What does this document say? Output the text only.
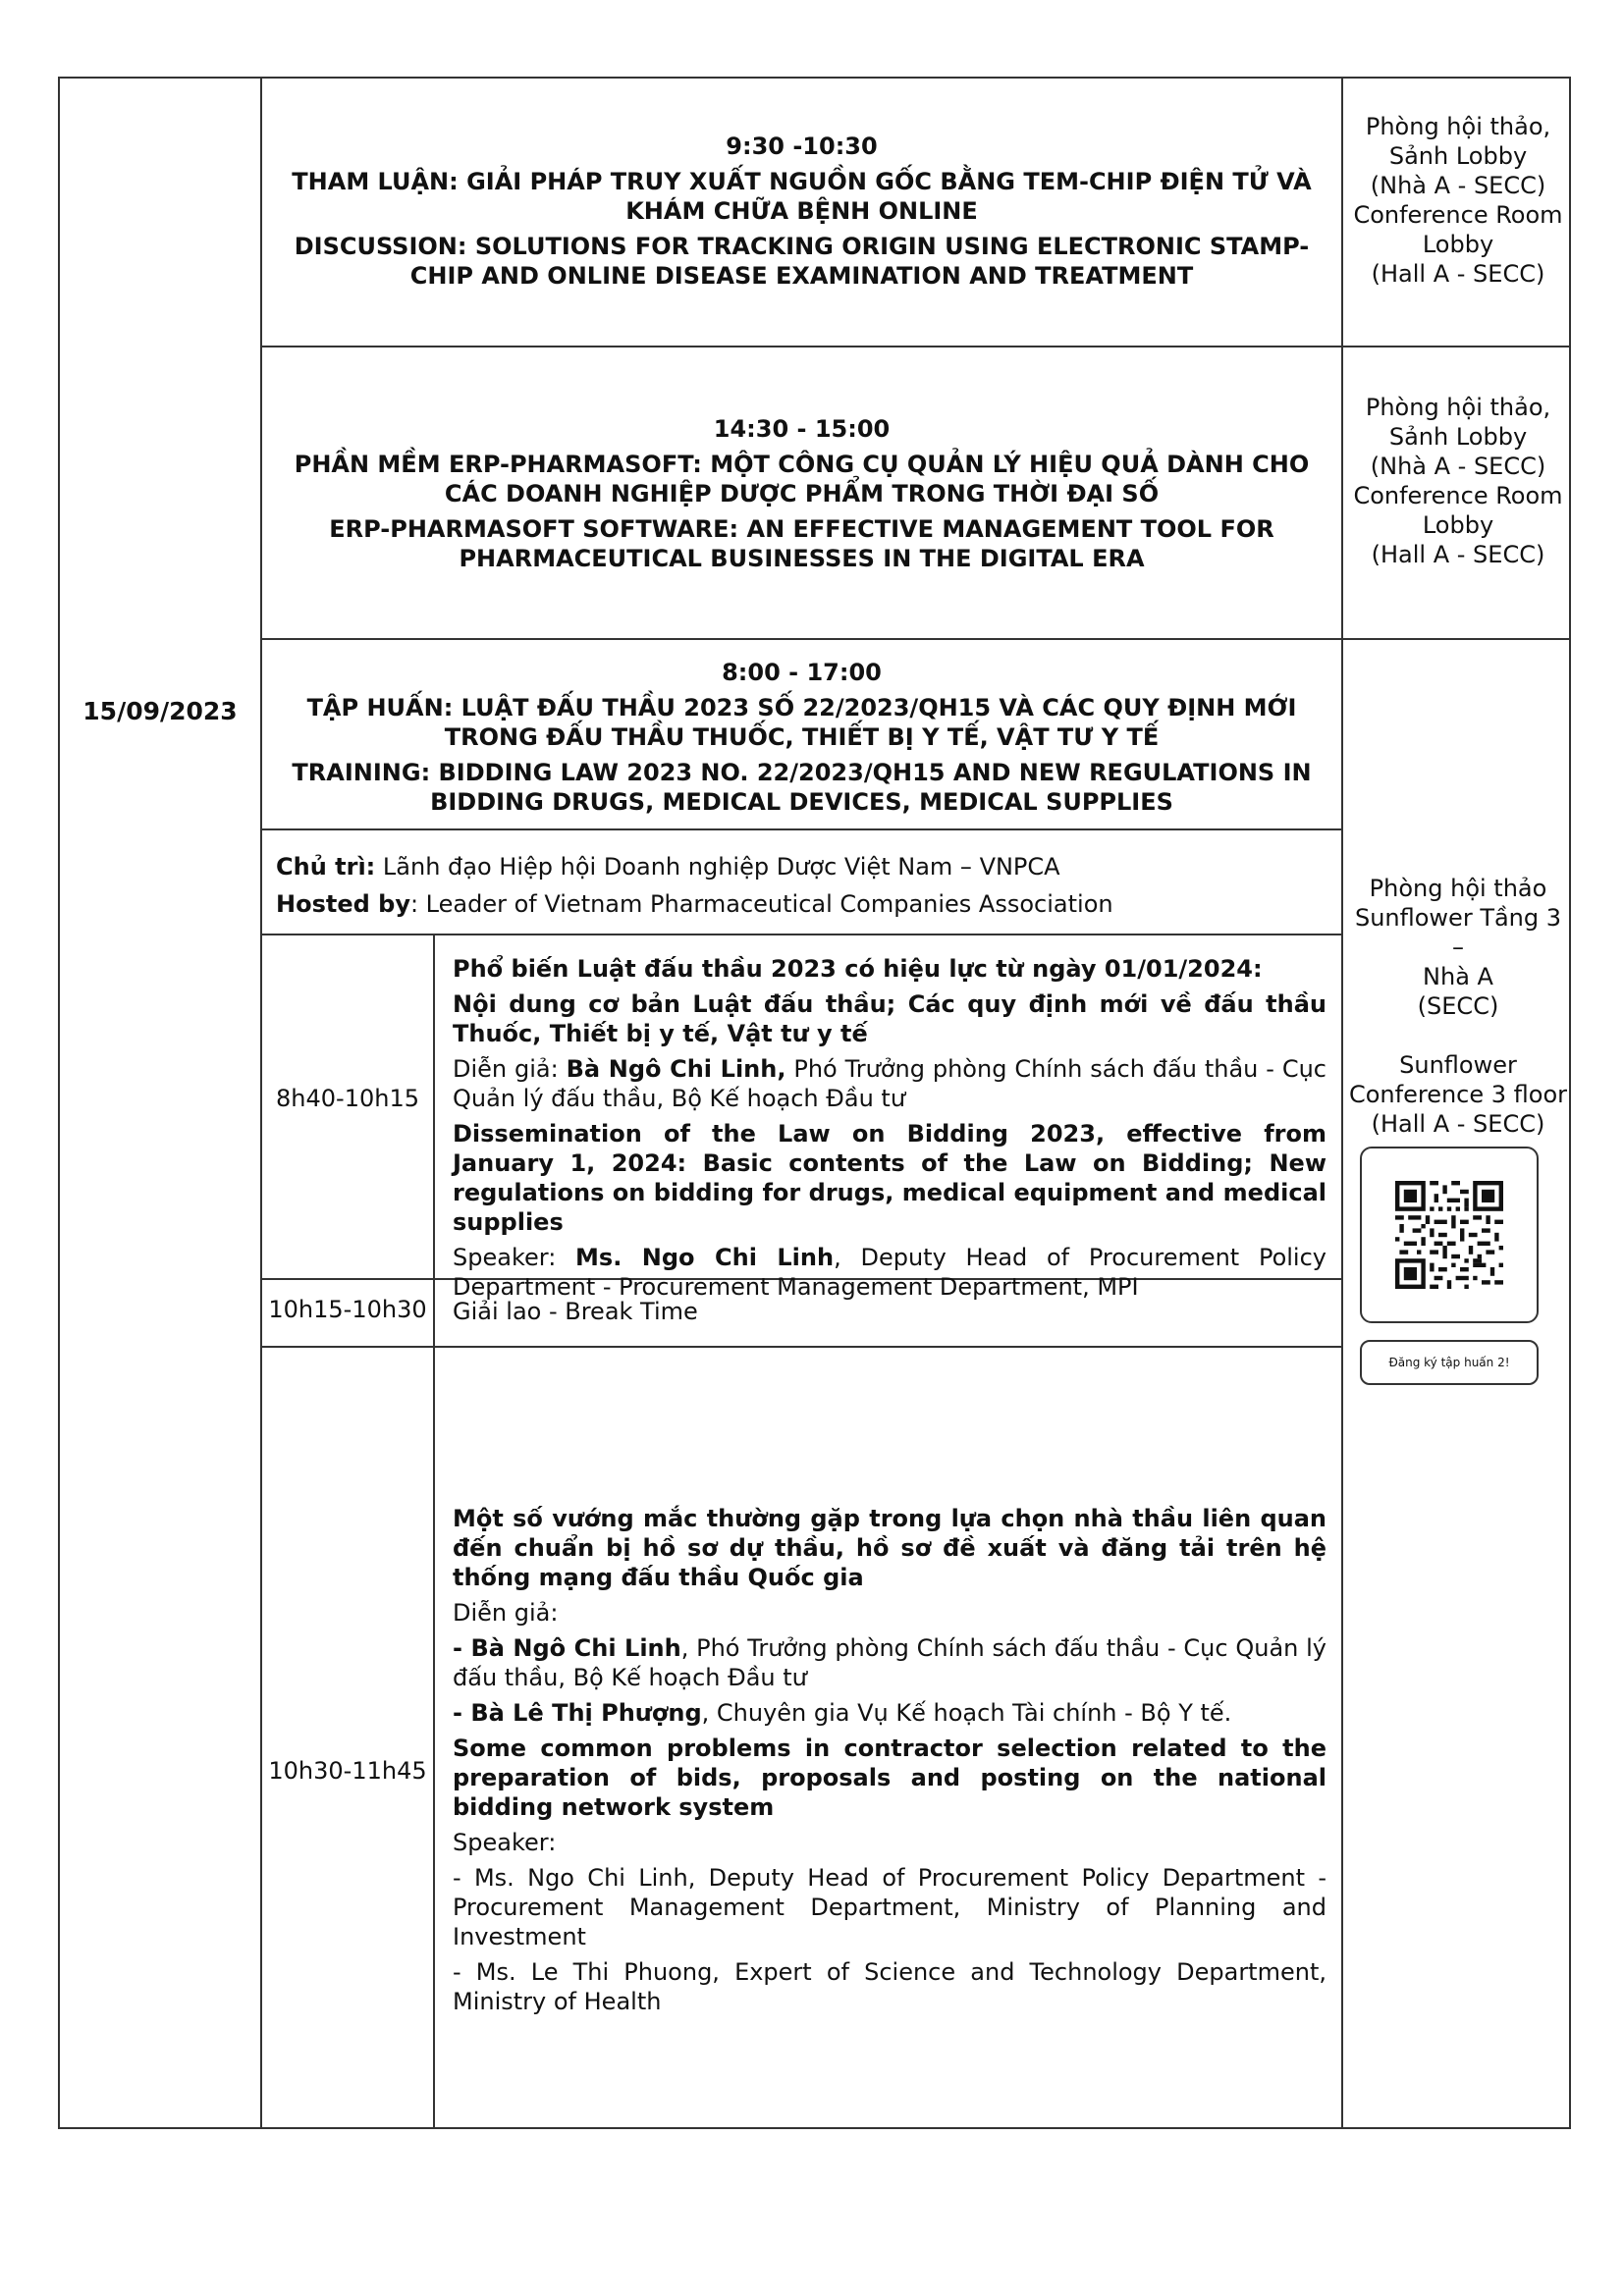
15/09/2023

9:30 -10:30

THAM LUẬN: GIẢI PHÁP TRUY XUẤT NGUỒN GỐC BẰNG TEM-CHIP ĐIỆN TỬ VÀ KHÁM CHỮA BỆNH ONLINE

DISCUSSION: SOLUTIONS FOR TRACKING ORIGIN USING ELECTRONIC STAMP-CHIP AND ONLINE DISEASE EXAMINATION AND TREATMENT

Phòng hội thảo,
Sảnh Lobby
(Nhà A - SECC)
Conference Room
Lobby
(Hall A - SECC)

14:30 - 15:00

PHẦN MỀM ERP-PHARMASOFT: MỘT CÔNG CỤ QUẢN LÝ HIỆU QUẢ DÀNH CHO CÁC DOANH NGHIỆP DƯỢC PHẨM TRONG THỜI ĐẠI SỐ

ERP-PHARMASOFT SOFTWARE: AN EFFECTIVE MANAGEMENT TOOL FOR PHARMACEUTICAL BUSINESSES IN THE DIGITAL ERA

Phòng hội thảo,
Sảnh Lobby
(Nhà A - SECC)
Conference Room
Lobby
(Hall A - SECC)

8:00 - 17:00

TẬP HUẤN: LUẬT ĐẤU THẦU 2023 SỐ 22/2023/QH15 VÀ CÁC QUY ĐỊNH MỚI TRONG ĐẤU THẦU THUỐC, THIẾT BỊ Y TẾ, VẬT TƯ Y TẾ

TRAINING: BIDDING LAW 2023 NO. 22/2023/QH15 AND NEW REGULATIONS IN BIDDING DRUGS, MEDICAL DEVICES, MEDICAL SUPPLIES

Chủ trì: Lãnh đạo Hiệp hội Doanh nghiệp Dược Việt Nam – VNPCA
Hosted by: Leader of Vietnam Pharmaceutical Companies Association
8h40-10h15

Phổ biến Luật đấu thầu 2023 có hiệu lực từ ngày 01/01/2024:

Nội dung cơ bản Luật đấu thầu; Các quy định mới về đấu thầu Thuốc, Thiết bị y tế, Vật tư y tế

Diễn giả: Bà Ngô Chi Linh, Phó Trưởng phòng Chính sách đấu thầu - Cục Quản lý đấu thầu, Bộ Kế hoạch Đầu tư

Dissemination of the Law on Bidding 2023, effective from January 1, 2024: Basic contents of the Law on Bidding; New regulations on bidding for drugs, medical equipment and medical supplies

Speaker: Ms. Ngo Chi Linh, Deputy Head of Procurement Policy Department - Procurement Management Department, MPI

10h15-10h30 Giải lao - Break Time
10h30-11h45

Một số vướng mắc thường gặp trong lựa chọn nhà thầu liên quan đến chuẩn bị hồ sơ dự thầu, hồ sơ đề xuất và đăng tải trên hệ thống mạng đấu thầu Quốc gia

Diễn giả:

- Bà Ngô Chi Linh, Phó Trưởng phòng Chính sách đấu thầu - Cục Quản lý đấu thầu, Bộ Kế hoạch Đầu tư

- Bà Lê Thị Phượng, Chuyên gia Vụ Kế hoạch Tài chính - Bộ Y tế.

Some common problems in contractor selection related to the preparation of bids, proposals and posting on the national bidding network system

Speaker:

- Ms. Ngo Chi Linh, Deputy Head of Procurement Policy Department - Procurement Management Department, Ministry of Planning and Investment

- Ms. Le Thi Phuong, Expert of Science and Technology Department, Ministry of Health

Phòng hội thảo
Sunflower Tầng 3
–
Nhà A
(SECC)
Sunflower
Conference 3 floor
(Hall A - SECC)
Đăng ký tập huấn 2!
